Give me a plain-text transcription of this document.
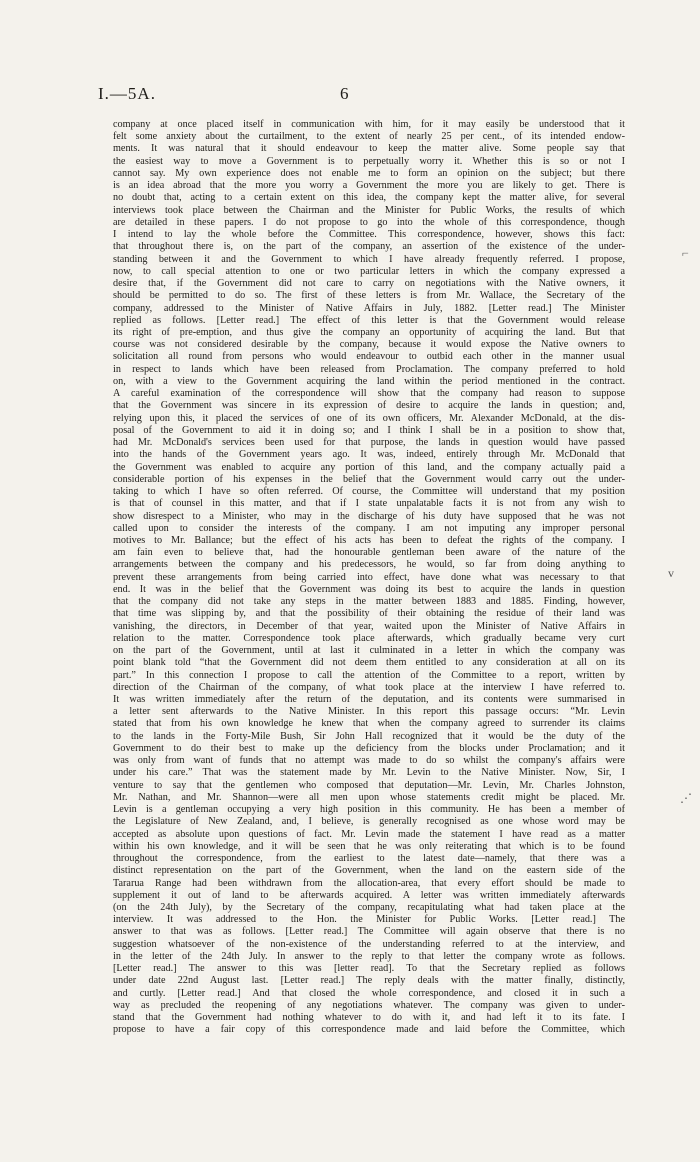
I.—5A.	6
company at once placed itself in communication with him, for it may easily be understood that it
felt some anxiety about the curtailment, to the extent of nearly 25 per cent., of its intended endow-
ments. It was natural that it should endeavour to keep the matter alive. Some people say that
the easiest way to move a Government is to perpetually worry it. Whether this is so or not I
cannot say. My own experience does not enable me to form an opinion on the subject; but there
is an idea abroad that the more you worry a Government the more you are likely to get. There is
no doubt that, acting to a certain extent on this idea, the company kept the matter alive, for several
interviews took place between the Chairman and the Minister for Public Works, the results of which
are detailed in these papers. I do not propose to go into the whole of this correspondence, though
I intend to lay the whole before the Committee. This correspondence, however, shows this fact:
that throughout there is, on the part of the company, an assertion of the existence of the under-
standing between it and the Government to which I have already frequently referred. I propose,
now, to call special attention to one or two particular letters in which the company expressed a
desire that, if the Government did not care to carry on negotiations with the Native owners, it
should be permitted to do so. The first of these letters is from Mr. Wallace, the Secretary of the
company, addressed to the Minister of Native Affairs in July, 1882. [Letter read.] The Minister
replied as follows. [Letter read.] The effect of this letter is that the Government would release
its right of pre-emption, and thus give the company an opportunity of acquiring the land. But that
course was not considered desirable by the company, because it would expose the Native owners to
solicitation all round from persons who would endeavour to outbid each other in the manner usual
in respect to lands which have been released from Proclamation. The company preferred to hold
on, with a view to the Government acquiring the land within the period mentioned in the contract.
A careful examination of the correspondence will show that the company had reason to suppose
that the Government was sincere in its expression of desire to acquire the lands in question; and,
relying upon this, it placed the services of one of its own officers, Mr. Alexander McDonald, at the dis-
posal of the Government to aid it in doing so; and I think I shall be in a position to show that,
had Mr. McDonald's services been used for that purpose, the lands in question would have passed
into the hands of the Government years ago. It was, indeed, entirely through Mr. McDonald that
the Government was enabled to acquire any portion of this land, and the company actually paid a
considerable portion of his expenses in the belief that the Government would carry out the under-
taking to which I have so often referred. Of course, the Committee will understand that my position
is that of counsel in this matter, and that if I state unpalatable facts it is not from any wish to
show disrespect to a Minister, who may in the discharge of his duty have supposed that he was not
called upon to consider the interests of the company. I am not imputing any improper personal
motives to Mr. Ballance; but the effect of his acts has been to defeat the rights of the company. I
am fain even to believe that, had the honourable gentleman been aware of the nature of the
arrangements between the company and his predecessors, he would, so far from doing anything to
prevent these arrangements from being carried into effect, have done what was necessary to that
end. It was in the belief that the Government was doing its best to acquire the lands in question
that the company did not take any steps in the matter between 1883 and 1885. Finding, however,
that time was slipping by, and that the possibility of their obtaining the residue of their land was
vanishing, the directors, in December of that year, waited upon the Minister of Native Affairs in
relation to the matter. Correspondence took place afterwards, which gradually became very curt
on the part of the Government, until at last it culminated in a letter in which the company was
point blank told “that the Government did not deem them entitled to any consideration at all on its
part.” In this connection I propose to call the attention of the Committee to a report, written by
direction of the Chairman of the company, of what took place at the interview I have referred to.
It was written immediately after the return of the deputation, and its contents were summarised in
a letter sent afterwards to the Native Minister. In this report this passage occurs: “Mr. Levin
stated that from his own knowledge he knew that when the company agreed to surrender its claims
to the lands in the Forty-Mile Bush, Sir John Hall recognized that it would be the duty of the
Government to do their best to make up the deficiency from the blocks under Proclamation; and it
was only from want of funds that no attempt was made to do so whilst the company's affairs were
under his care.” That was the statement made by Mr. Levin to the Native Minister. Now, Sir, I
venture to say that the gentlemen who composed that deputation—Mr. Levin, Mr. Charles Johnston,
Mr. Nathan, and Mr. Shannon—were all men upon whose statements credit might be placed. Mr.
Levin is a gentleman occupying a very high position in this community. He has been a member of
the Legislature of New Zealand, and, I believe, is generally recognised as one whose word may be
accepted as absolute upon questions of fact. Mr. Levin made the statement I have read as a matter
within his own knowledge, and it will be seen that he was only reiterating that which is to be found
throughout the correspondence, from the earliest to the latest date—namely, that there was a
distinct representation on the part of the Government, when the land on the eastern side of the
Tararua Range had been withdrawn from the allocation-area, that every effort should be made to
supplement it out of land to be afterwards acquired. A letter was written immediately afterwards
(on the 24th July), by the Secretary of the company, recapitulating what had taken place at the
interview. It was addressed to the Hon. the Minister for Public Works. [Letter read.] The
answer to that was as follows. [Letter read.] The Committee will again observe that there is no
suggestion whatsoever of the non-existence of the understanding referred to at the interview, and
in the letter of the 24th July. In answer to the reply to that letter the company wrote as follows.
[Letter read.] The answer to this was [letter read]. To that the Secretary replied as follows
under date 22nd August last. [Letter read.] The reply deals with the matter finally, distinctly,
and curtly. [Letter read.] And that closed the whole correspondence, and closed it in such a
way as precluded the reopening of any negotiations whatever. The company was given to under-
stand that the Government had nothing whatever to do with it, and had left it to its fate. I
propose to have a fair copy of this correspondence made and laid before the Committee, which
⌐
v
⋰
